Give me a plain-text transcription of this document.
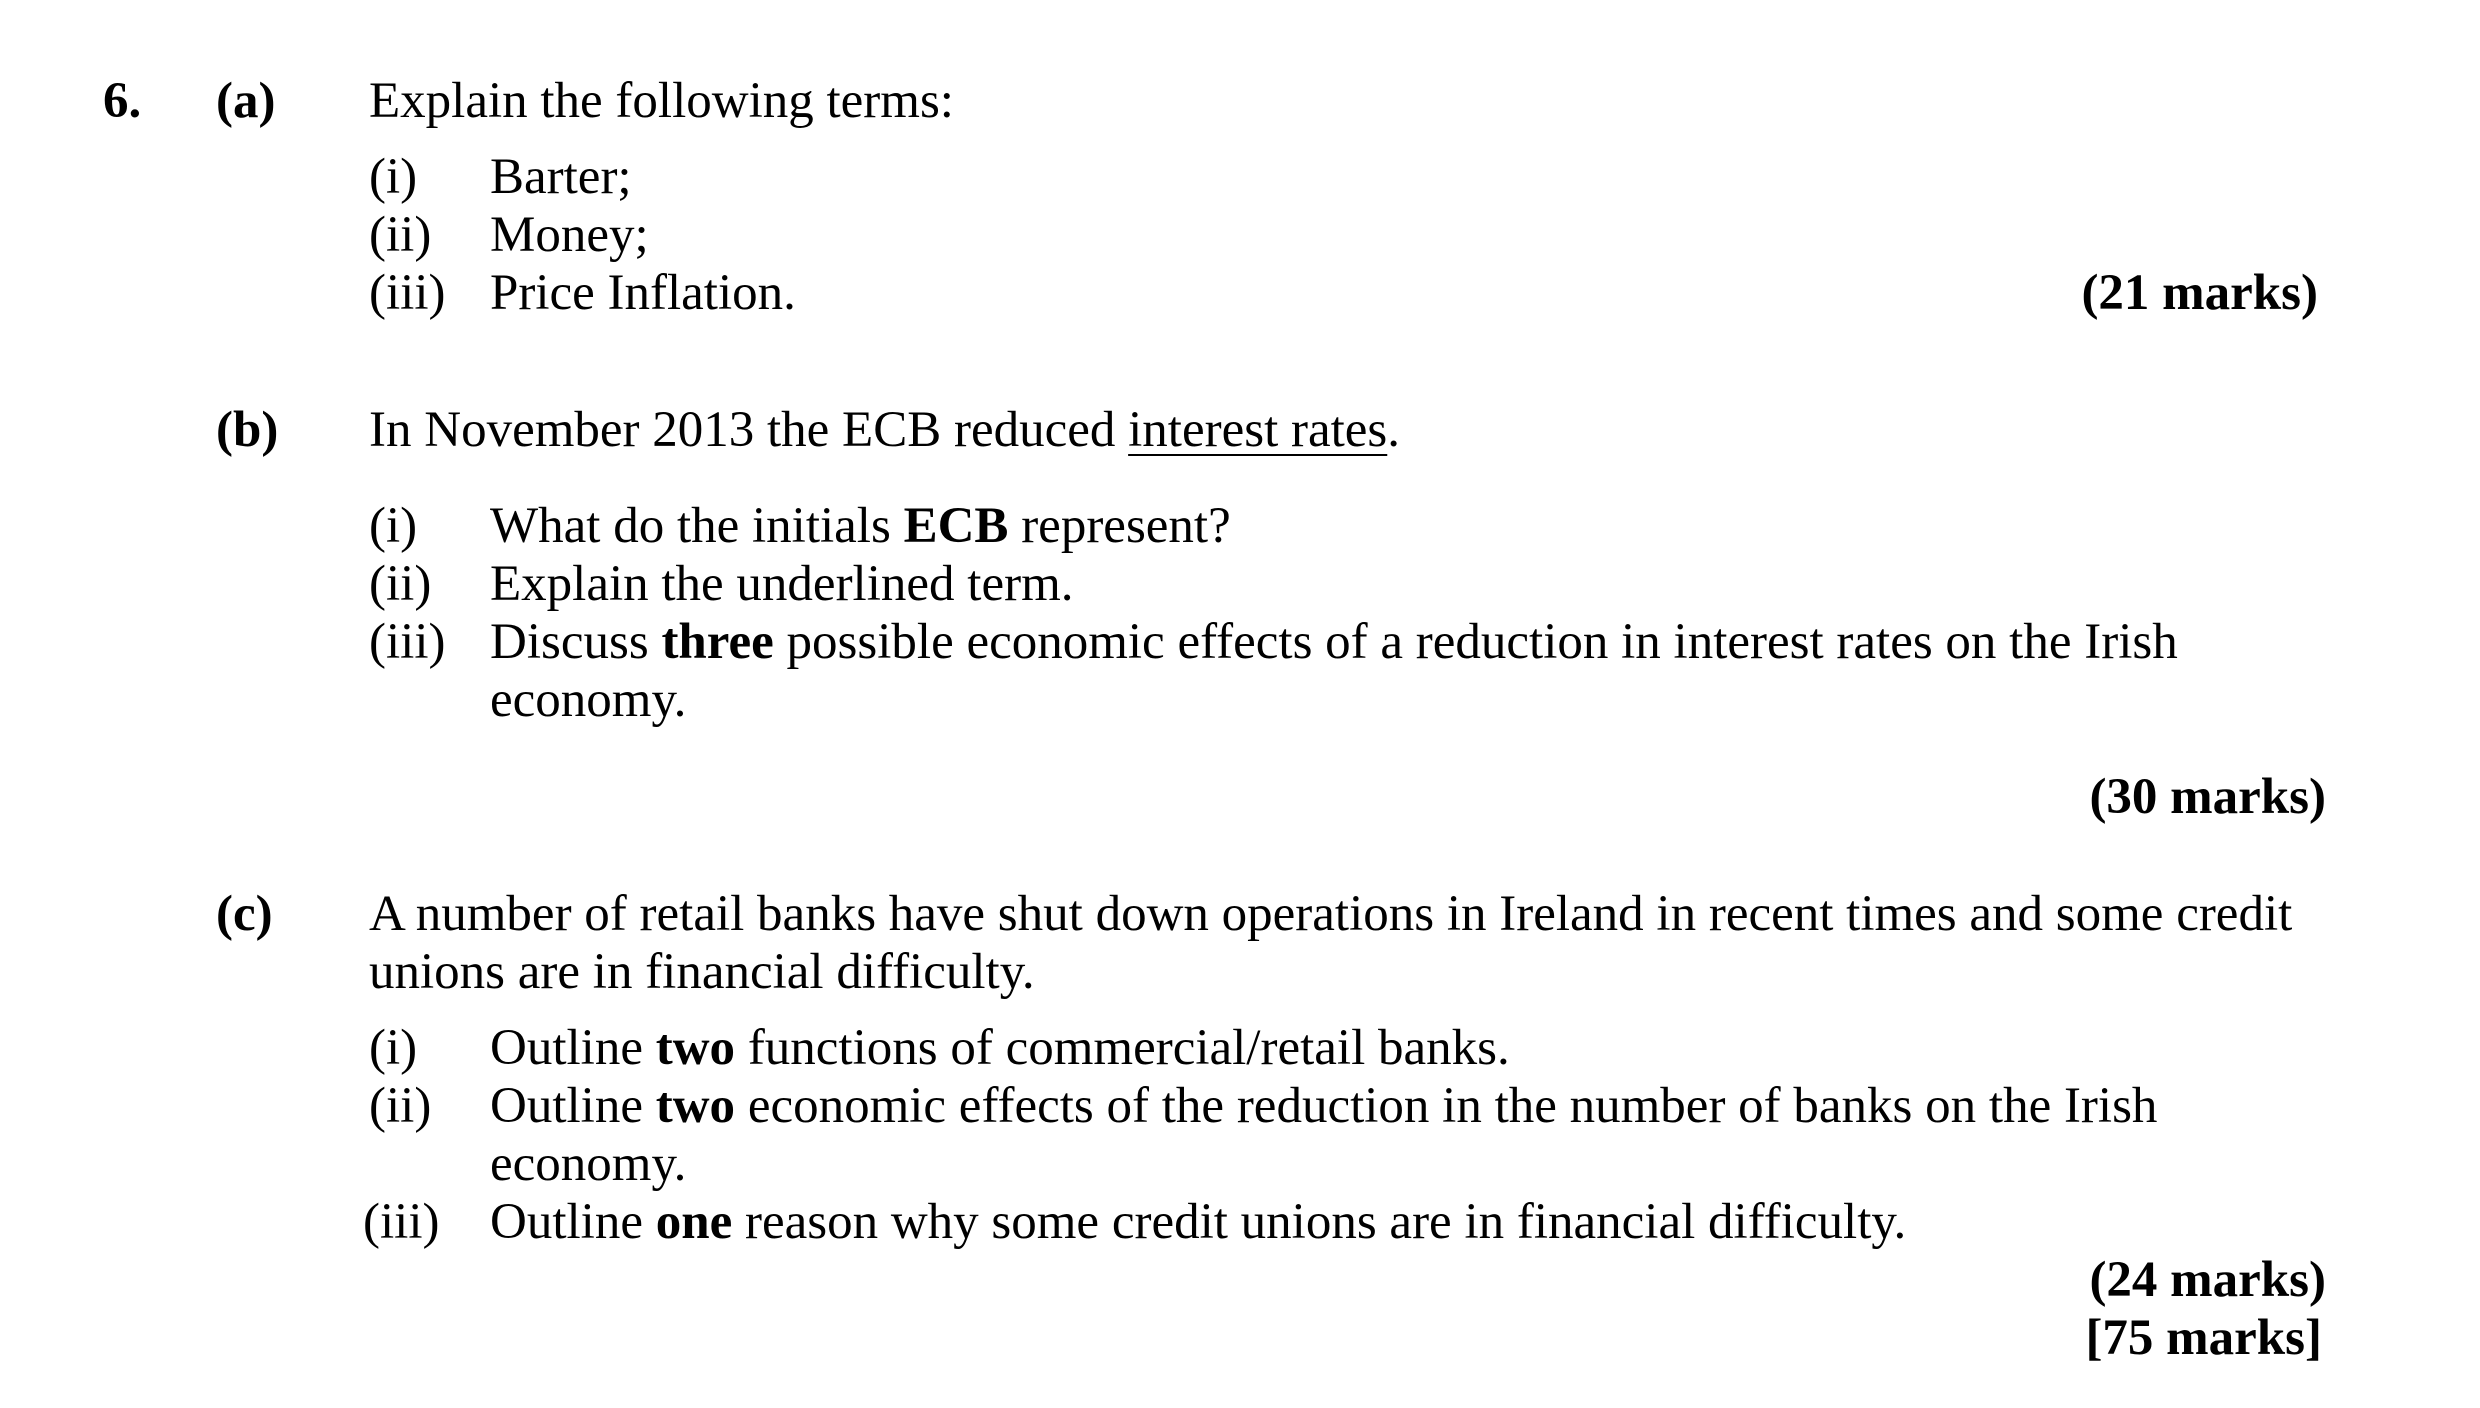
6. (a) Explain the following terms:
(i) Barter;
(ii) Money;
(iii) Price Inflation.	(21 marks)
(b) In November 2013 the ECB reduced interest rates.
(i) What do the initials ECB represent?
(ii) Explain the underlined term.
(iii) Discuss three possible economic effects of a reduction in interest rates on the Irish
economy.
(30 marks)
(c) A number of retail banks have shut down operations in Ireland in recent times and some credit
unions are in financial difficulty.
(i) Outline two functions of commercial/retail banks.
(ii) Outline two economic effects of the reduction in the number of banks on the Irish
economy.
(iii) Outline one reason why some credit unions are in financial difficulty.
(24 marks)
[75 marks]
